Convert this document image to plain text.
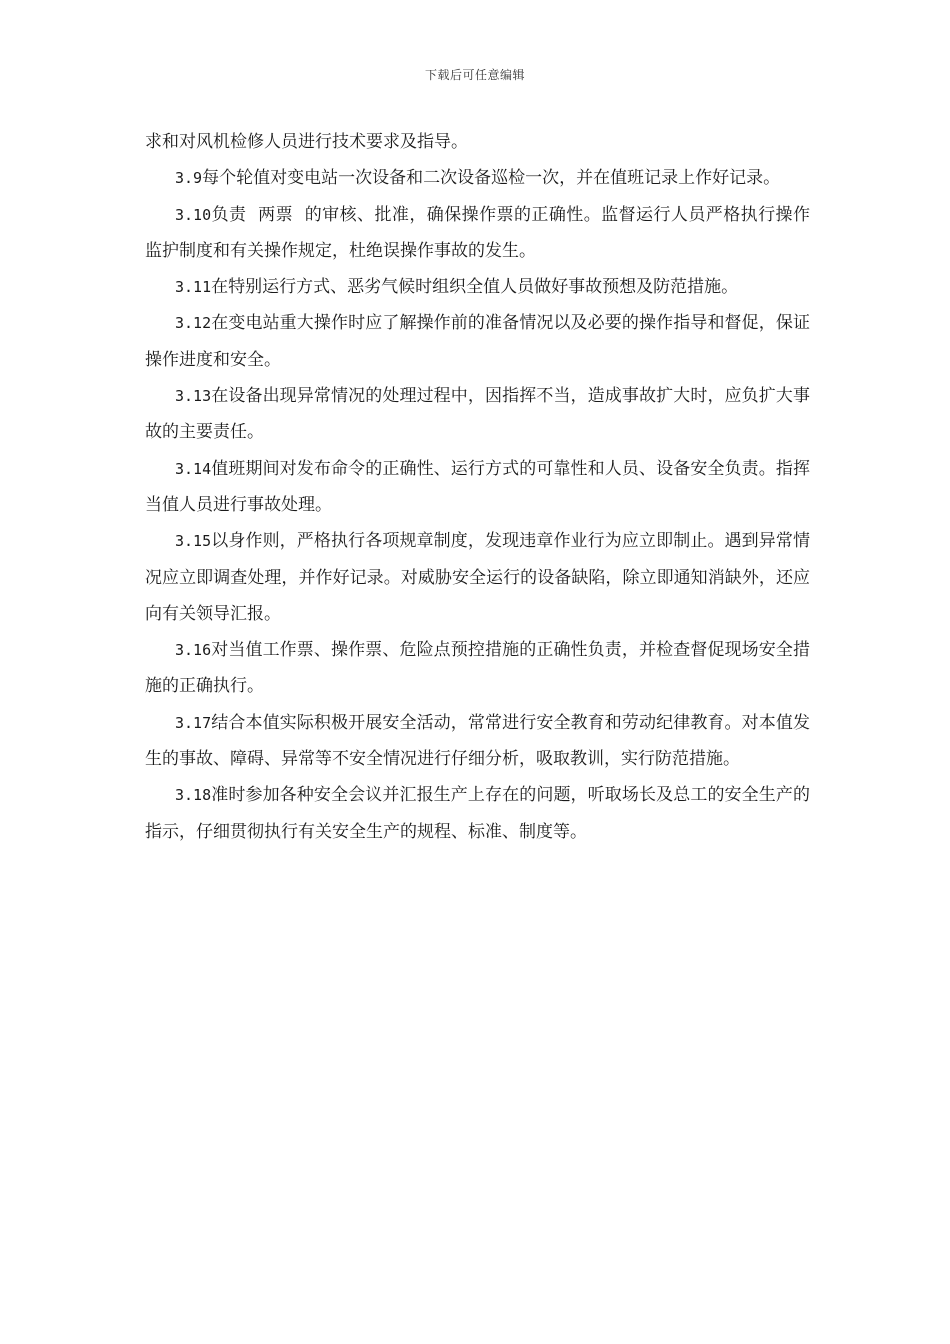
下载后可任意编辑

求和对风机检修人员进行技术要求及指导。

3.9每个轮值对变电站一次设备和二次设备巡检一次，并在值班记录上作好记录。

3.10负责  两票  的审核、批准，确保操作票的正确性。监督运行人员严格执行操作监护制度和有关操作规定，杜绝误操作事故的发生。

3.11在特别运行方式、恶劣气候时组织全值人员做好事故预想及防范措施。

3.12在变电站重大操作时应了解操作前的准备情况以及必要的操作指导和督促，保证操作进度和安全。

3.13在设备出现异常情况的处理过程中，因指挥不当，造成事故扩大时，应负扩大事故的主要责任。

3.14值班期间对发布命令的正确性、运行方式的可靠性和人员、设备安全负责。指挥当值人员进行事故处理。

3.15以身作则，严格执行各项规章制度，发现违章作业行为应立即制止。遇到异常情况应立即调查处理，并作好记录。对威胁安全运行的设备缺陷，除立即通知消缺外，还应向有关领导汇报。

3.16对当值工作票、操作票、危险点预控措施的正确性负责，并检查督促现场安全措施的正确执行。

3.17结合本值实际积极开展安全活动，常常进行安全教育和劳动纪律教育。对本值发生的事故、障碍、异常等不安全情况进行仔细分析，吸取教训，实行防范措施。

3.18准时参加各种安全会议并汇报生产上存在的问题，听取场长及总工的安全生产的指示，仔细贯彻执行有关安全生产的规程、标准、制度等。
